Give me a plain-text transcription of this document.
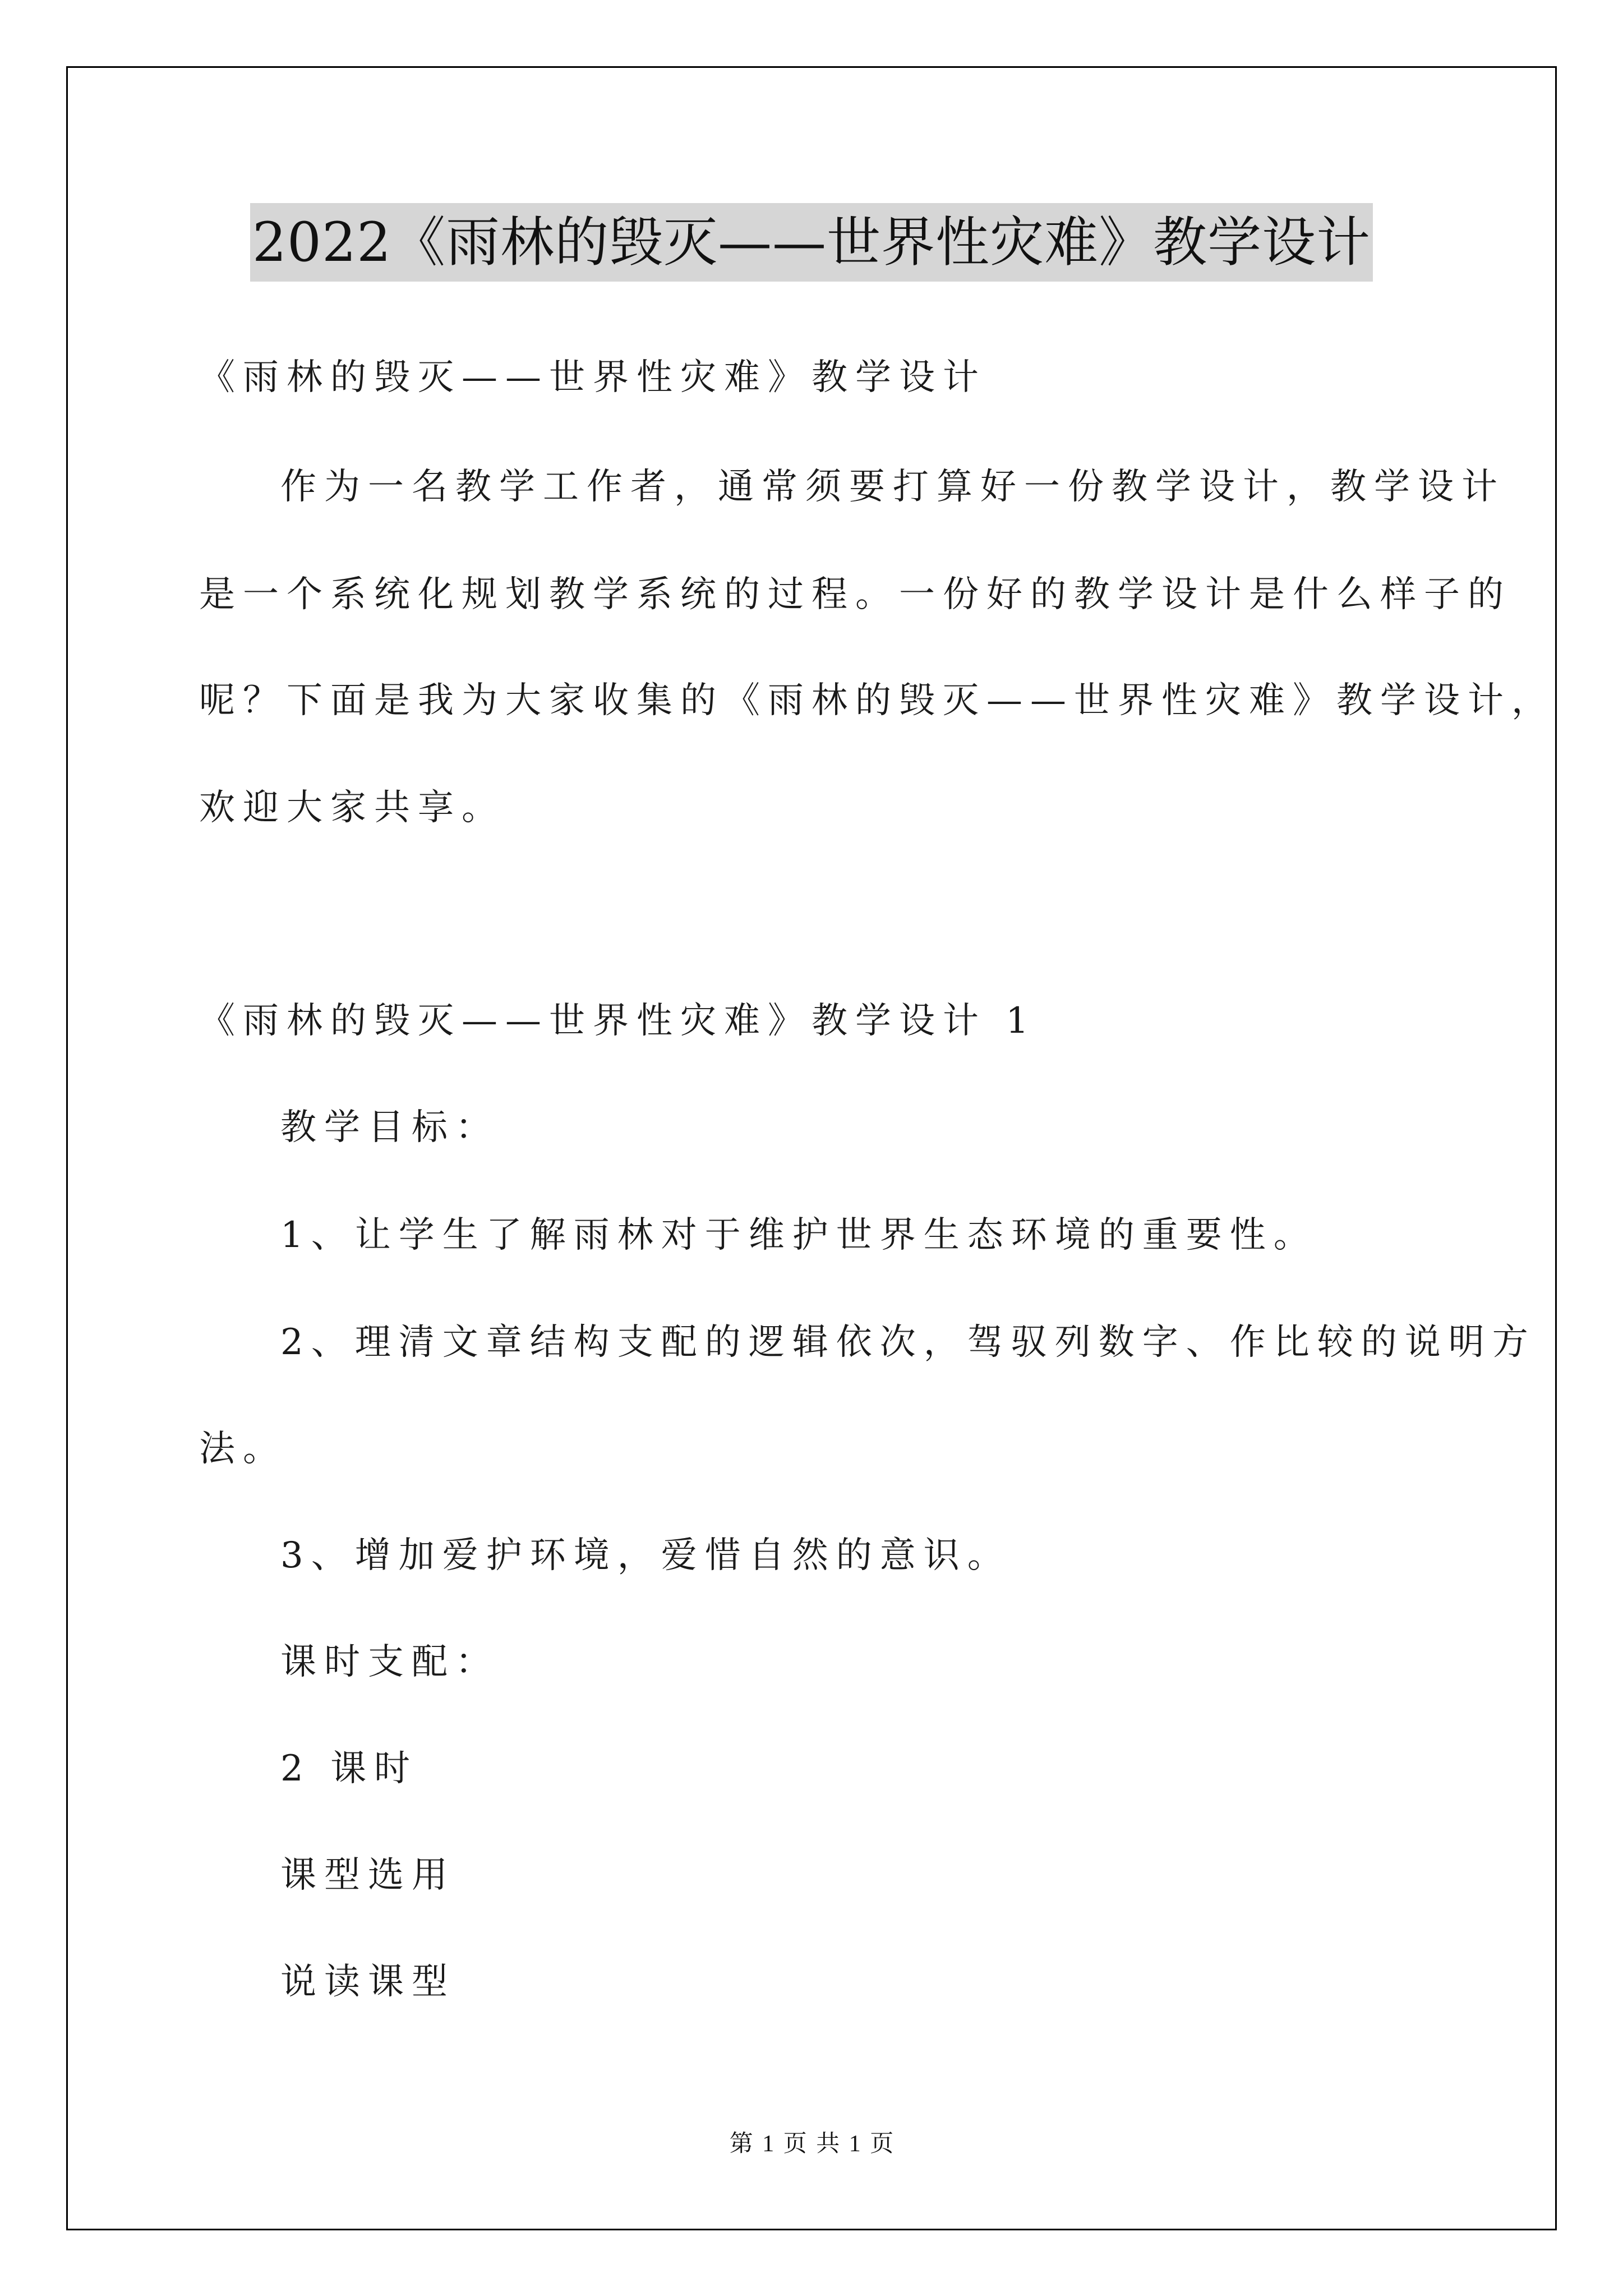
2022《雨林的毁灭——世界性灾难》教学设计
《雨林的毁灭——世界性灾难》教学设计
作为一名教学工作者，通常须要打算好一份教学设计，教学设计
是一个系统化规划教学系统的过程。一份好的教学设计是什么样子的
呢？下面是我为大家收集的《雨林的毁灭——世界性灾难》教学设计，
欢迎大家共享。
《雨林的毁灭——世界性灾难》教学设计 1
教学目标：
1、让学生了解雨林对于维护世界生态环境的重要性。
2、理清文章结构支配的逻辑依次，驾驭列数字、作比较的说明方
法。
3、增加爱护环境，爱惜自然的意识。
课时支配：
2 课时
课型选用
说读课型
第 1 页 共 1 页
